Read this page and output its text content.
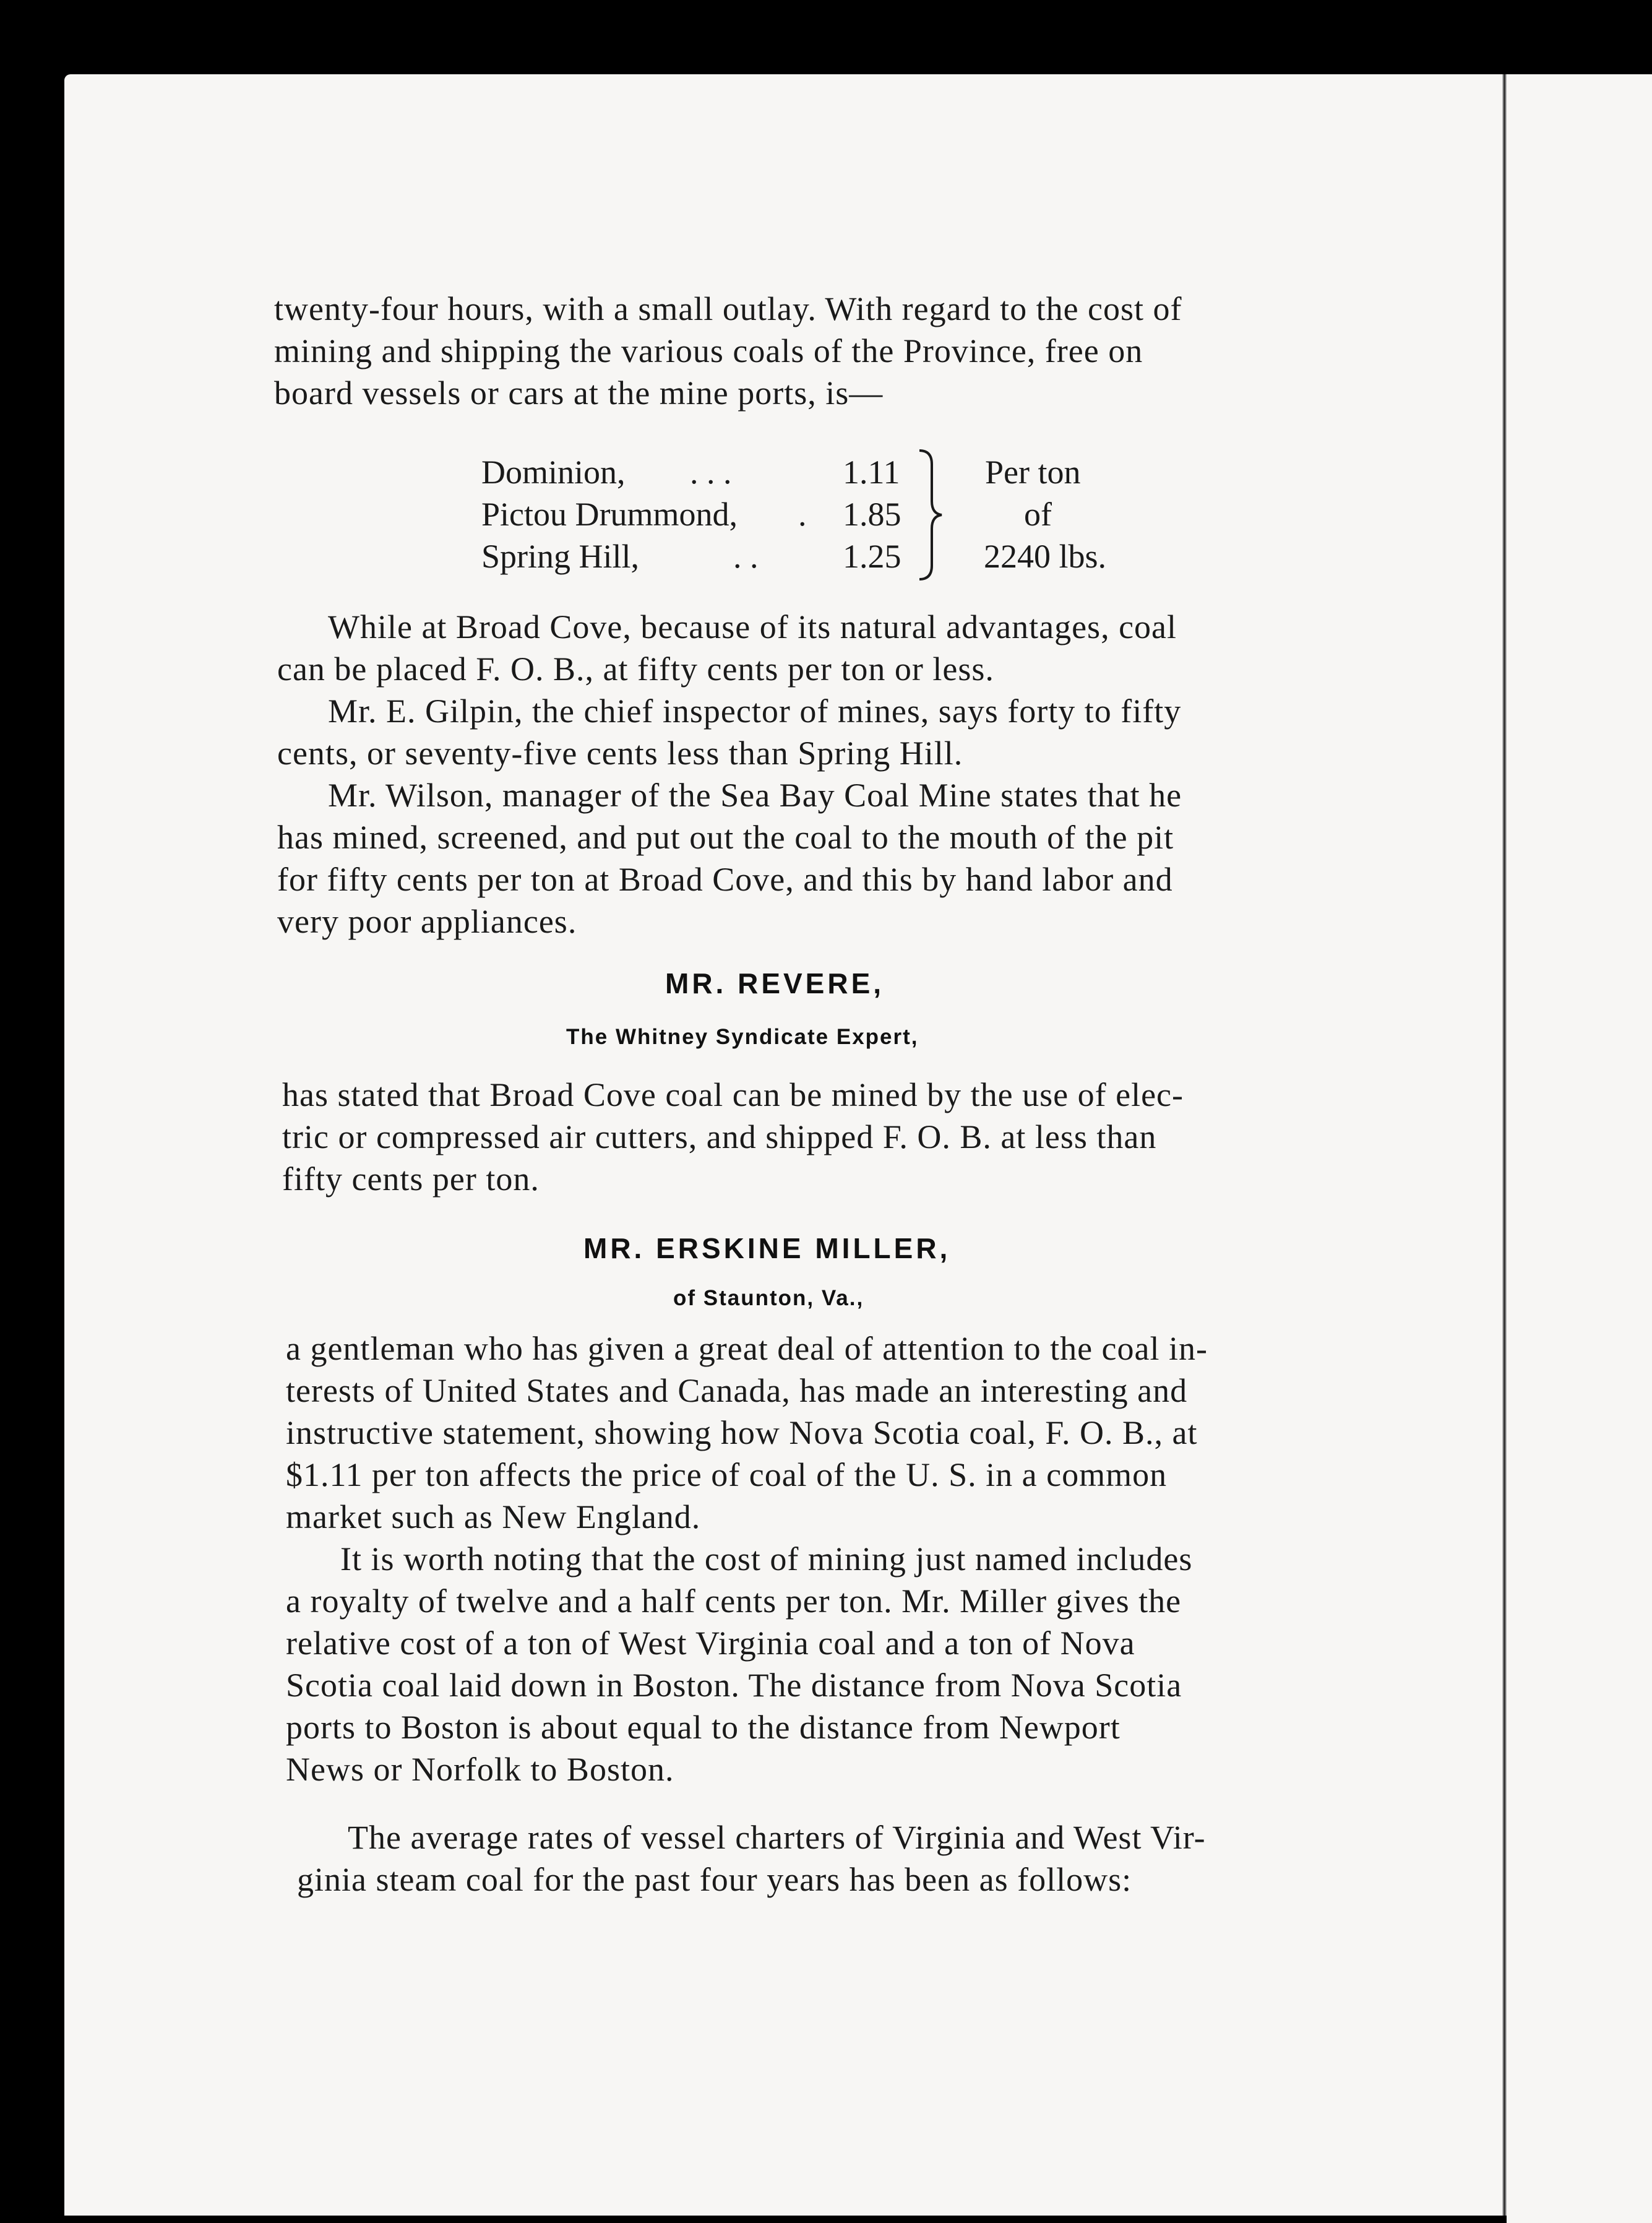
twenty-four hours, with a small outlay. With regard to the cost of
mining and shipping the various coals of the Province, free on
board vessels or cars at the mine ports, is—
Dominion, . . .	1.11
Pictou Drummond, . 1.85
Spring Hill,	. .	1.25
Per ton
of
2240 lbs.
While at Broad Cove, because of its natural advantages, coal
can be placed F. O. B., at fifty cents per ton or less.
Mr. E. Gilpin, the chief inspector of mines, says forty to fifty
cents, or seventy-five cents less than Spring Hill.
Mr. Wilson, manager of the Sea Bay Coal Mine states that he
has mined, screened, and put out the coal to the mouth of the pit
for fifty cents per ton at Broad Cove, and this by hand labor and
very poor appliances.
MR. REVERE,
The Whitney Syndicate Expert,
has stated that Broad Cove coal can be mined by the use of elec-
tric or compressed air cutters, and shipped F. O. B. at less than
fifty cents per ton.
MR. ERSKINE MILLER,
of Staunton, Va.,
a gentleman who has given a great deal of attention to the coal in-
terests of United States and Canada, has made an interesting and
instructive statement, showing how Nova Scotia coal, F. O. B., at
$1.11 per ton affects the price of coal of the U. S. in a common
market such as New England.
It is worth noting that the cost of mining just named includes
a royalty of twelve and a half cents per ton. Mr. Miller gives the
relative cost of a ton of West Virginia coal and a ton of Nova
Scotia coal laid down in Boston. The distance from Nova Scotia
ports to Boston is about equal to the distance from Newport
News or Norfolk to Boston.
The average rates of vessel charters of Virginia and West Vir-
ginia steam coal for the past four years has been as follows:
